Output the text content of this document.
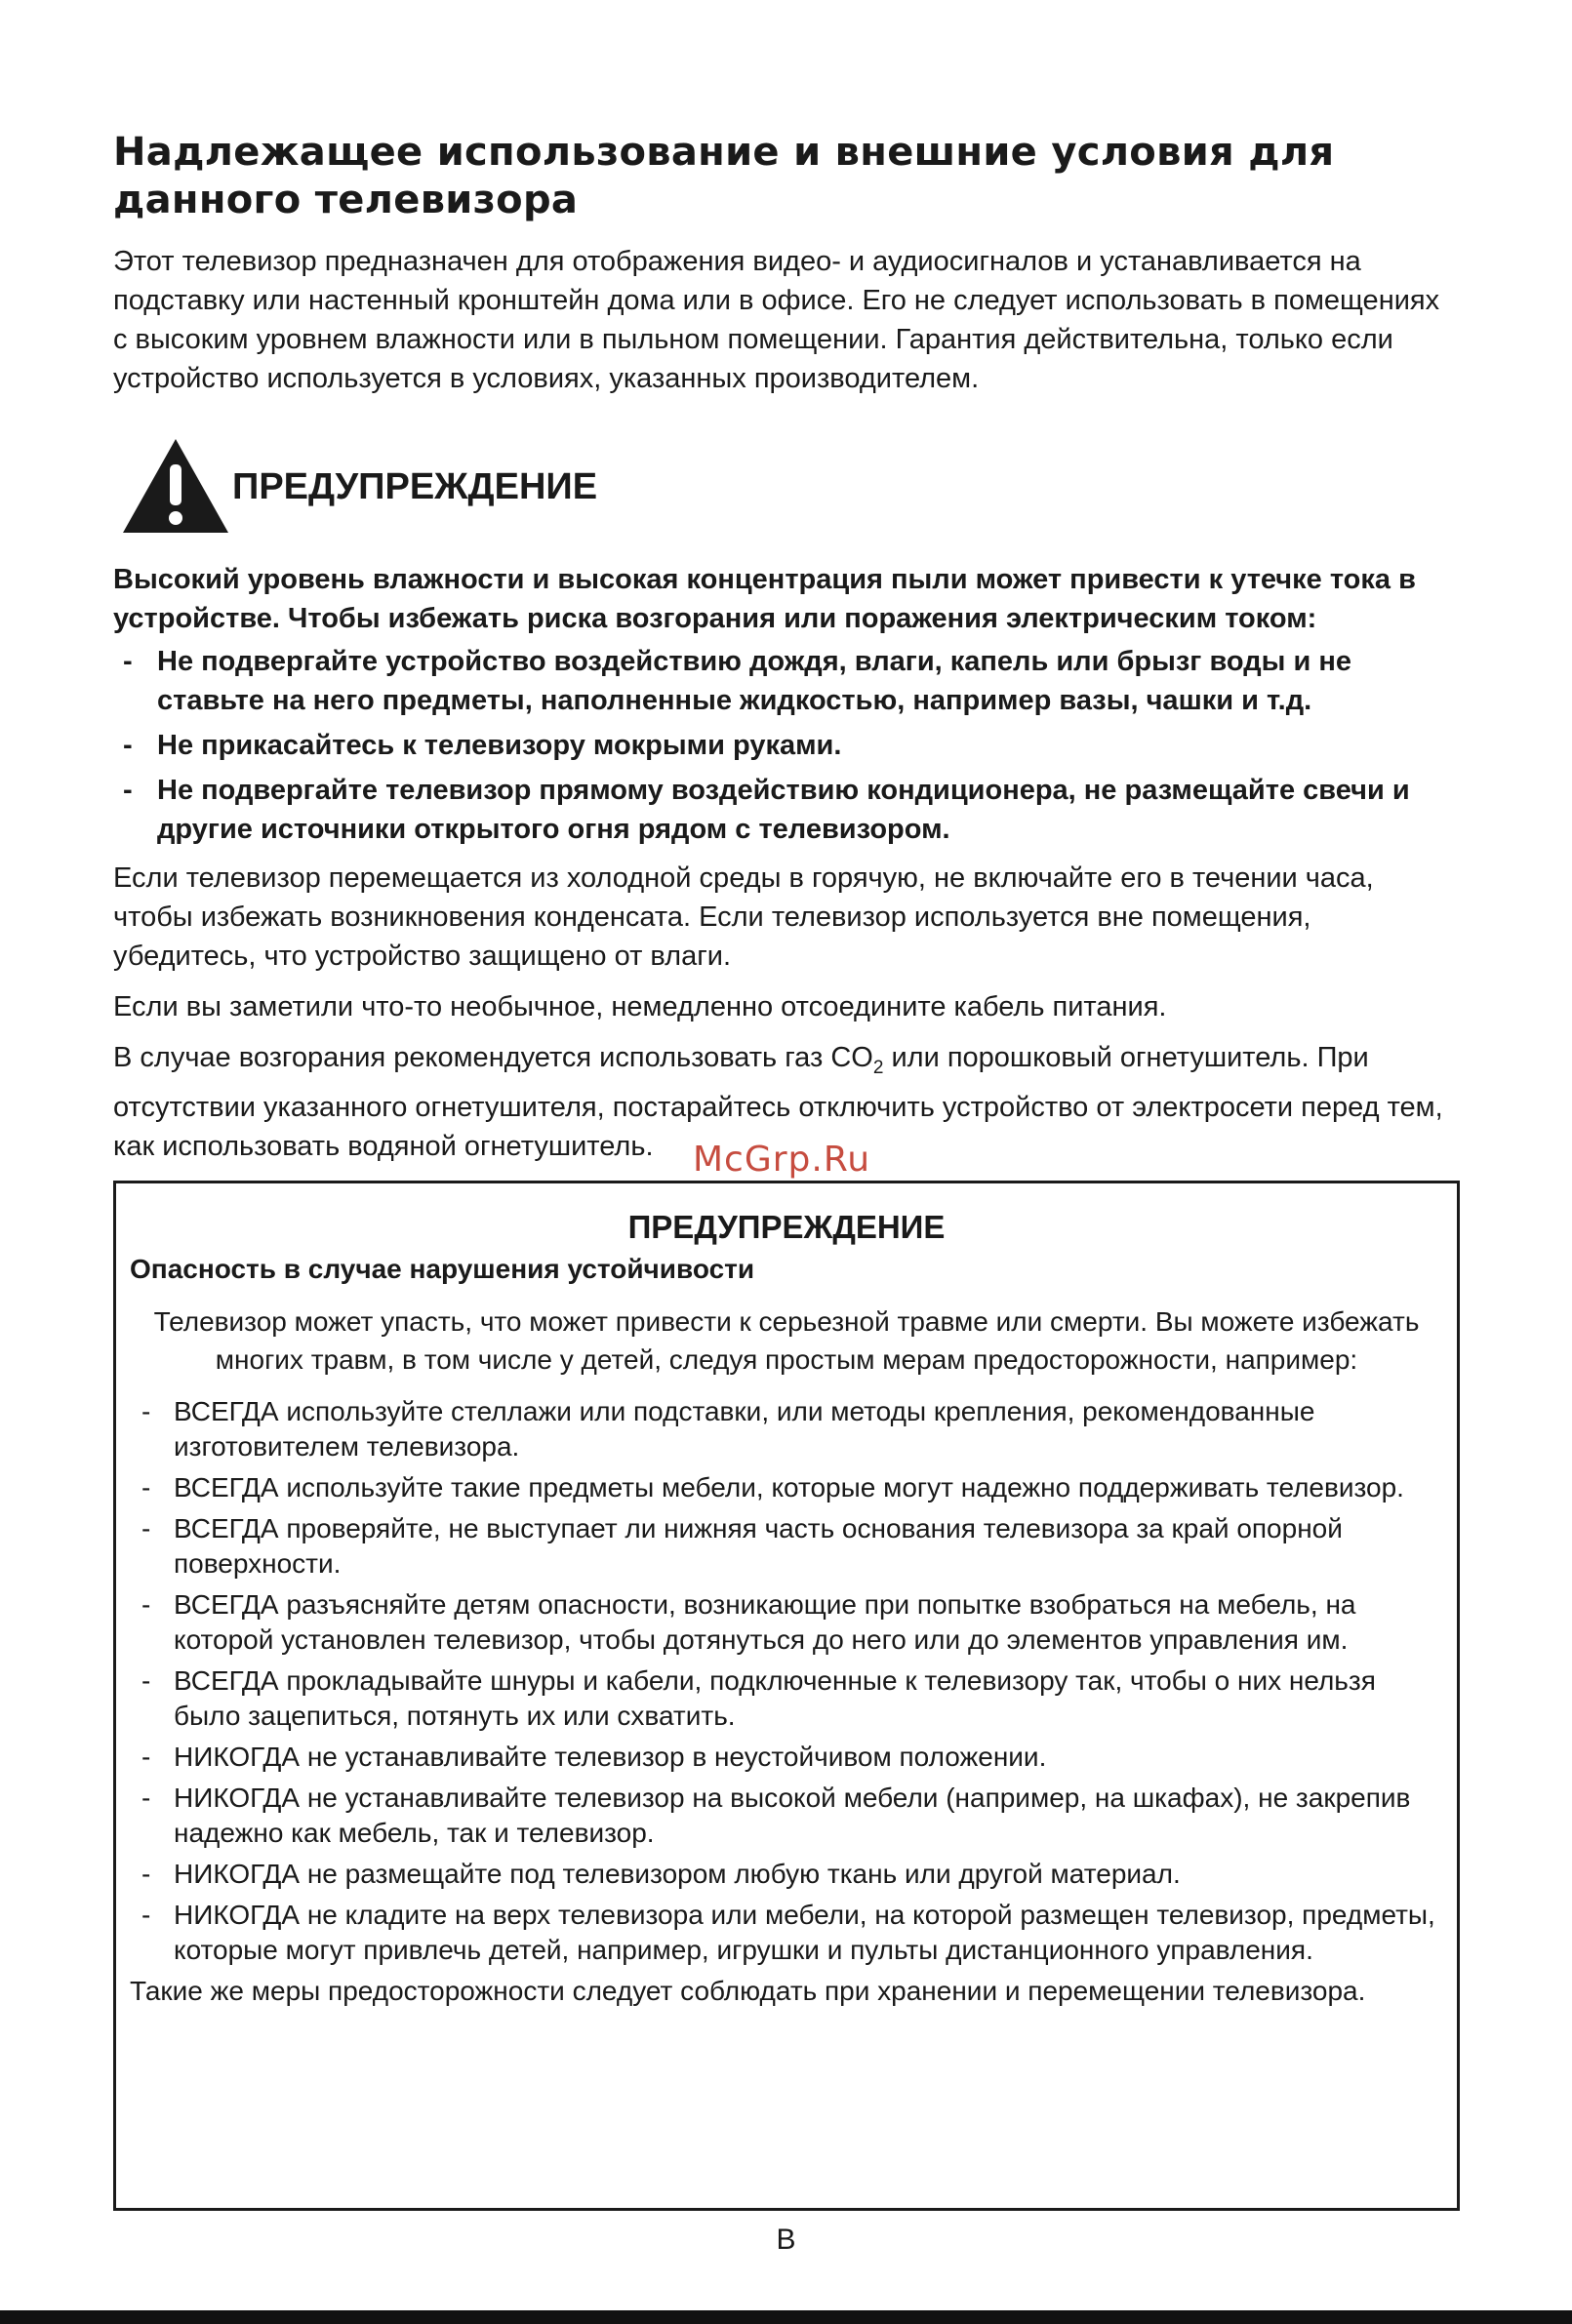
Надлежащее использование и внешние условия для данного телевизора

Этот телевизор предназначен для отображения видео- и аудиосигналов и устанавливается на подставку или настенный кронштейн дома или в офисе. Его не следует использовать в помещениях с высоким уровнем влажности или в пыльном помещении. Гарантия действительна, только если устройство используется в условиях, указанных производителем.

ПРЕДУПРЕЖДЕНИЕ

Высокий уровень влажности и высокая концентрация пыли может привести к утечке тока в устройстве. Чтобы избежать риска возгорания или поражения электрическим током:

- Не подвергайте устройство воздействию дождя, влаги, капель или брызг воды и не ставьте на него предметы, наполненные жидкостью, например вазы, чашки и т.д.
- Не прикасайтесь к телевизору мокрыми руками.
- Не подвергайте телевизор прямому воздействию кондиционера, не размещайте свечи и другие источники открытого огня рядом с телевизором.

Если телевизор перемещается из холодной среды в горячую, не включайте его в течении часа, чтобы избежать возникновения конденсата. Если телевизор используется вне помещения, убедитесь, что устройство защищено от влаги.

Если вы заметили что-то необычное, немедленно отсоедините кабель питания.

В случае возгорания рекомендуется использовать газ $CO_2$ или порошковый огнетушитель. При отсутствии указанного огнетушителя, постарайтесь отключить устройство от электросети перед тем, как использовать водяной огнетушитель.	McGrp.Ru

ПРЕДУПРЕЖДЕНИЕ

Опасность в случае нарушения устойчивости

Телевизор может упасть, что может привести к серьезной травме или смерти. Вы можете избежать многих травм, в том числе у детей, следуя простым мерам предосторожности, например:

- ВСЕГДА используйте стеллажи или подставки, или методы крепления, рекомендованные изготовителем телевизора.
- ВСЕГДА используйте такие предметы мебели, которые могут надежно поддерживать телевизор.
- ВСЕГДА проверяйте, не выступает ли нижняя часть основания телевизора за край опорной поверхности.
- ВСЕГДА разъясняйте детям опасности, возникающие при попытке взобраться на мебель, на которой установлен телевизор, чтобы дотянуться до него или до элементов управления им.
- ВСЕГДА прокладывайте шнуры и кабели, подключенные к телевизору так, чтобы о них нельзя было зацепиться, потянуть их или схватить.
- НИКОГДА не устанавливайте телевизор в неустойчивом положении.
- НИКОГДА не устанавливайте телевизор на высокой мебели (например, на шкафах), не закрепив надежно как мебель, так и телевизор.
- НИКОГДА не размещайте под телевизором любую ткань или другой материал.
- НИКОГДА не кладите на верх телевизора или мебели, на которой размещен телевизор, предметы, которые могут привлечь детей, например, игрушки и пульты дистанционного управления.

Такие же меры предосторожности следует соблюдать при хранении и перемещении телевизора.

В
